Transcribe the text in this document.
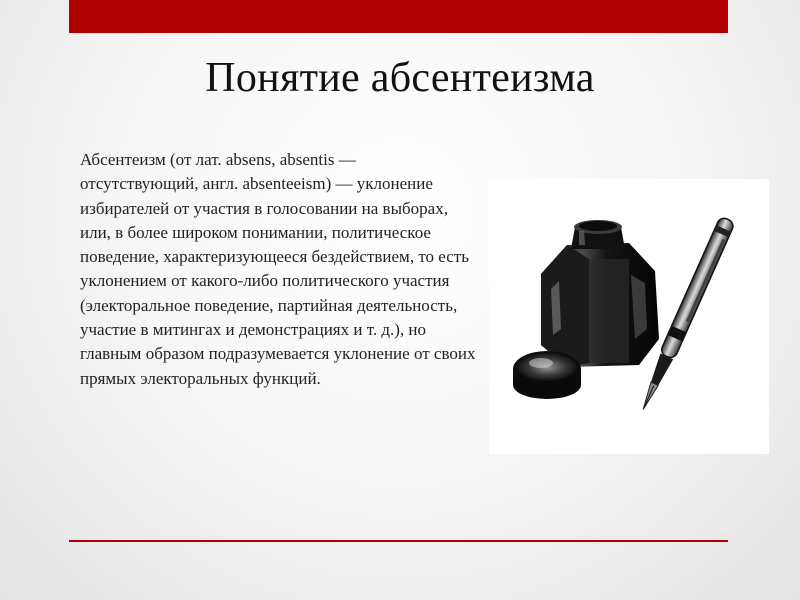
Понятие абсентеизма
Абсентеизм (от лат. absens, absentis — отсутствующий, англ. absenteeism) — уклонение избирателей от участия в голосовании на выборах, или, в более широком понимании, политическое поведение, характеризующееся бездействием, то есть уклонением от какого-либо политического участия (электоральное поведение, партийная деятельность, участие в митингах и демонстрациях и т. д.), но главным образом подразумевается уклонение от своих прямых электоральных функций.
